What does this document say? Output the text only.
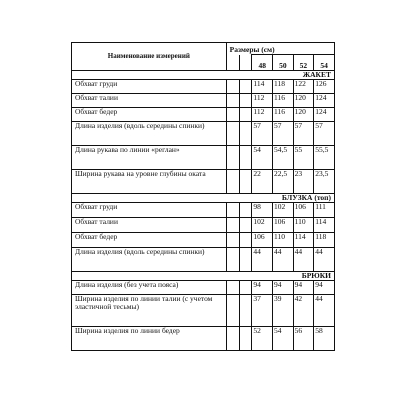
Наименование измерений	Размеры (см)					
			48	50	52	54
ЖАКЕТ						
Обхват груди			114	118	122	126
Обхват талии			112	116	120	124
Обхват бедер			112	116	120	124
Длина изделия (вдоль середины спинки)			57	57	57	57
Длина рукава по линии «реглан»			54	54,5	55	55,5
Ширина рукава на уровне глубины оката			22	22,5	23	23,5
БЛУЗКА (топ)						
Обхват груди			98	102	106	111
Обхват талии			102	106	110	114
Обхват бедер			106	110	114	118
Длина изделия (вдоль середины спинки)			44	44	44	44
БРЮКИ						
Длина изделия (без учета пояса)			94	94	94	94
Ширина изделия по линии талии (с учетом эластичной тесьмы)			37	39	42	44
Ширина изделия по линии бедер			52	54	56	58
